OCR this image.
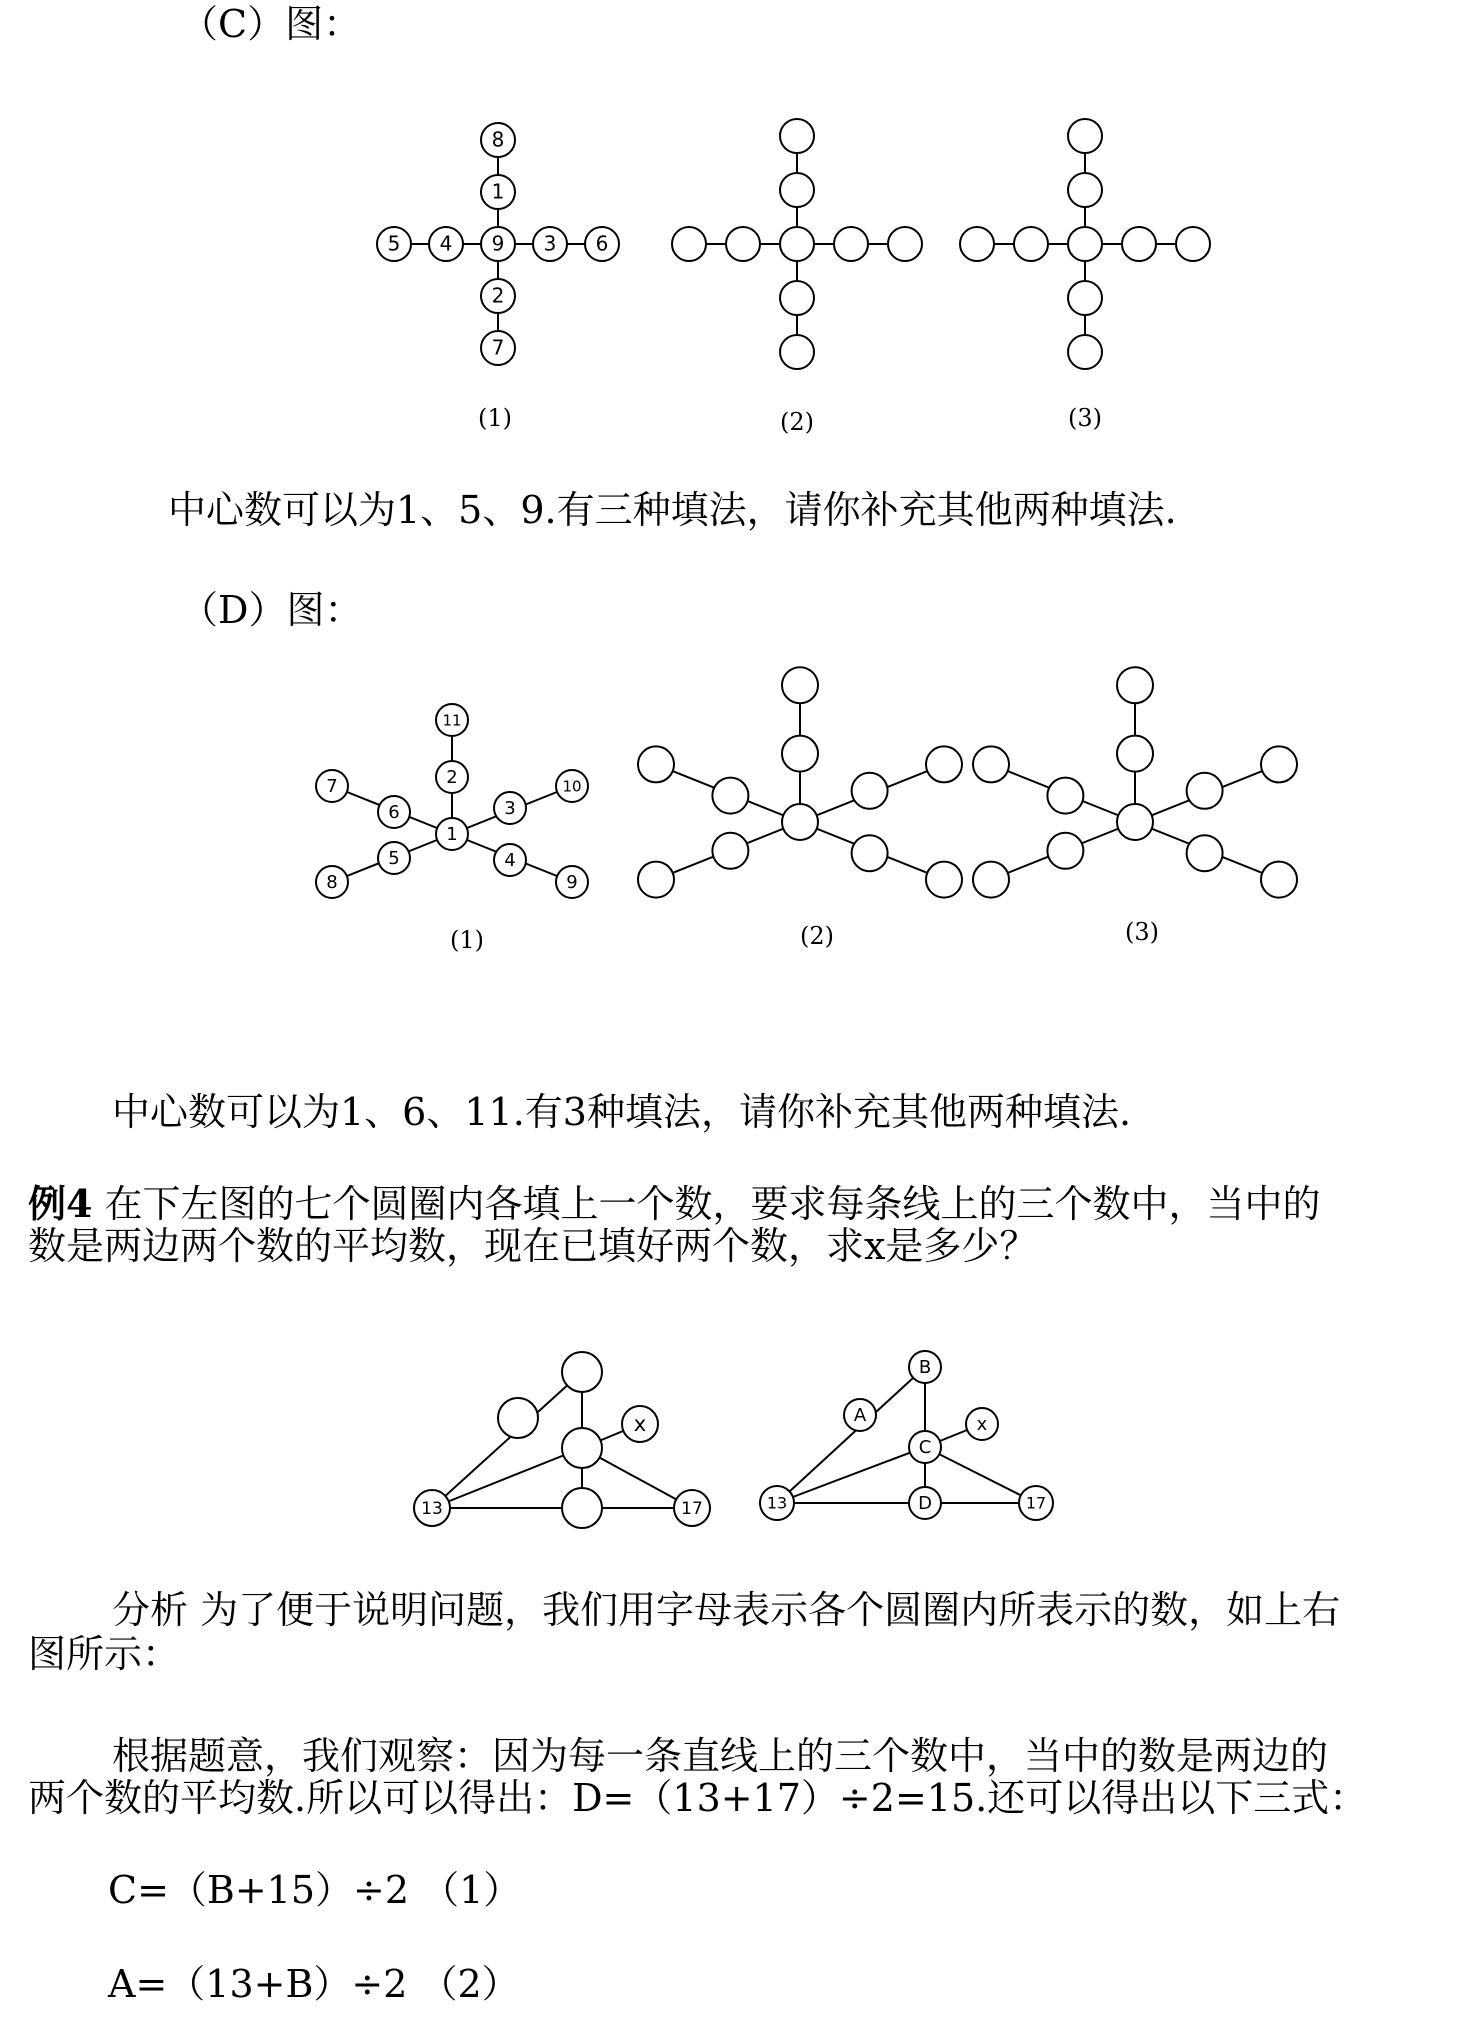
（C）图：
9
1
8
2
7
4
5	3 6
1
2
11
3
10
4
9
5
8
6
7
x
13	17
B
A
C
D
x
13	17
(1)	(2)	(3)
中心数可以为1、5、9.有三种填法，请你补充其他两种填法.
（D）图：
(1)	(2)	(3)
中心数可以为1、6、11.有3种填法，请你补充其他两种填法.
例4 在下左图的七个圆圈内各填上一个数，要求每条线上的三个数中，当中的
数是两边两个数的平均数，现在已填好两个数，求x是多少？
分析 为了便于说明问题，我们用字母表示各个圆圈内所表示的数，如上右
图所示：
根据题意，我们观察：因为每一条直线上的三个数中，当中的数是两边的
两个数的平均数.所以可以得出：D=（13+17）÷2=15.还可以得出以下三式：
C=（B+15）÷2 （1）
A=（13+B）÷2 （2）
